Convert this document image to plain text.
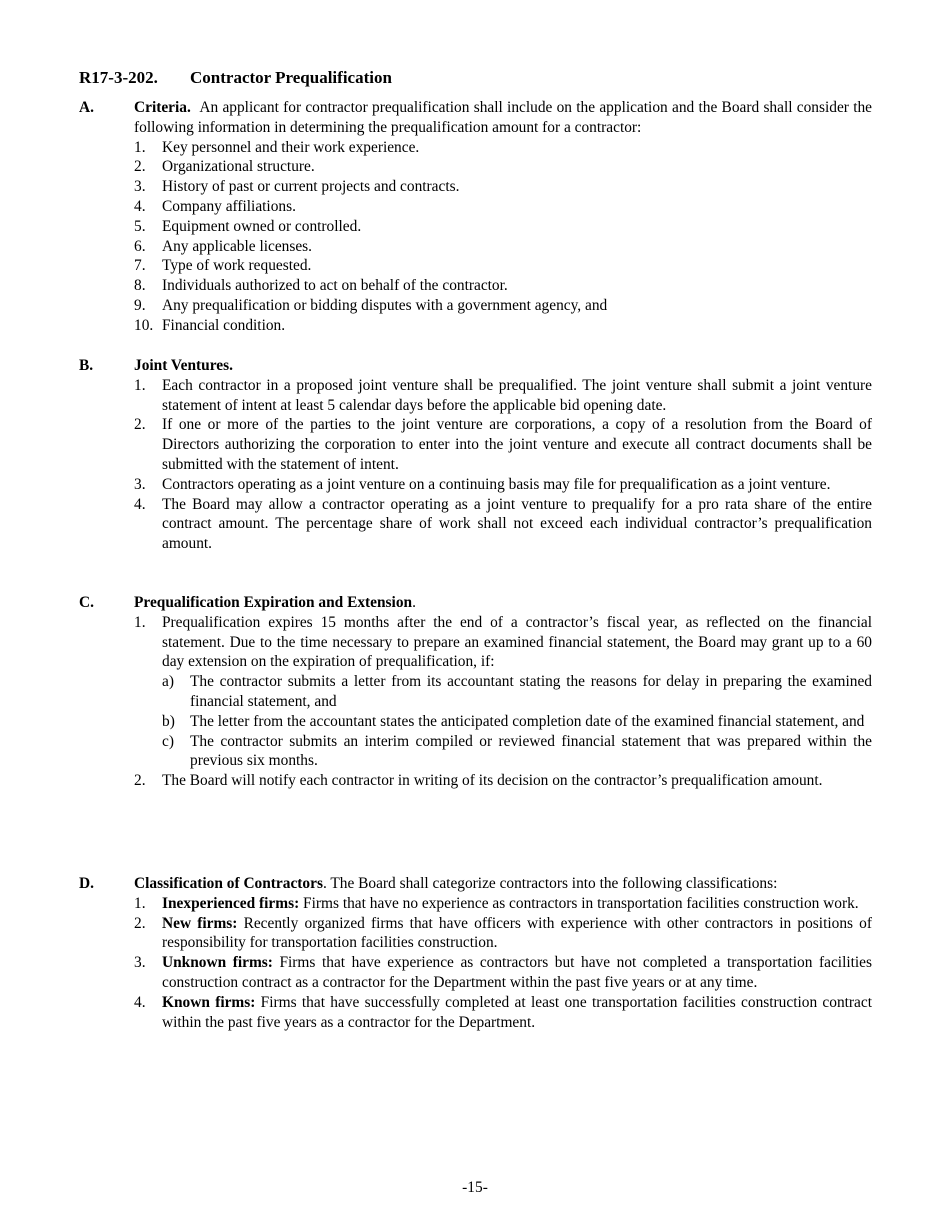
R17-3-202. Contractor Prequalification
A.	Criteria. An applicant for contractor prequalification shall include on the application and the Board shall consider the following information in determining the prequalification amount for a contractor:
1. Key personnel and their work experience.
2. Organizational structure.
3. History of past or current projects and contracts.
4. Company affiliations.
5. Equipment owned or controlled.
6. Any applicable licenses.
7. Type of work requested.
8. Individuals authorized to act on behalf of the contractor.
9. Any prequalification or bidding disputes with a government agency, and
10. Financial condition.
B.	Joint Ventures.
1. Each contractor in a proposed joint venture shall be prequalified. The joint venture shall submit a joint venture statement of intent at least 5 calendar days before the applicable bid opening date.
2. If one or more of the parties to the joint venture are corporations, a copy of a resolution from the Board of Directors authorizing the corporation to enter into the joint venture and execute all contract documents shall be submitted with the statement of intent.
3. Contractors operating as a joint venture on a continuing basis may file for prequalification as a joint venture.
4. The Board may allow a contractor operating as a joint venture to prequalify for a pro rata share of the entire contract amount. The percentage share of work shall not exceed each individual contractor’s prequalification amount.
C.	Prequalification Expiration and Extension.
1. Prequalification expires 15 months after the end of a contractor’s fiscal year, as reflected on the financial statement. Due to the time necessary to prepare an examined financial statement, the Board may grant up to a 60 day extension on the expiration of prequalification, if:
a) The contractor submits a letter from its accountant stating the reasons for delay in preparing the examined financial statement, and
b) The letter from the accountant states the anticipated completion date of the examined financial statement, and
c) The contractor submits an interim compiled or reviewed financial statement that was prepared within the previous six months.
2. The Board will notify each contractor in writing of its decision on the contractor’s prequalification amount.
D.	Classification of Contractors. The Board shall categorize contractors into the following classifications:
1. Inexperienced firms: Firms that have no experience as contractors in transportation facilities construction work.
2. New firms: Recently organized firms that have officers with experience with other contractors in positions of responsibility for transportation facilities construction.
3. Unknown firms: Firms that have experience as contractors but have not completed a transportation facilities construction contract as a contractor for the Department within the past five years or at any time.
4. Known firms: Firms that have successfully completed at least one transportation facilities construction contract within the past five years as a contractor for the Department.
-15-
